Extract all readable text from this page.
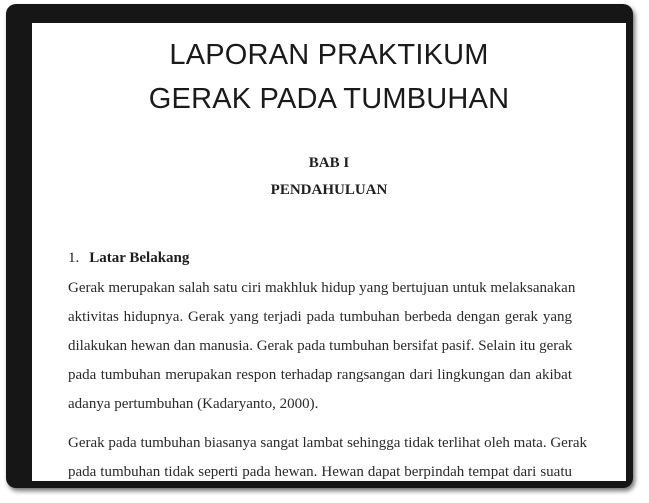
LAPORAN PRAKTIKUM
GERAK PADA TUMBUHAN
BAB I
PENDAHULUAN
1. Latar Belakang
Gerak merupakan salah satu ciri makhluk hidup yang bertujuan untuk melaksanakan
aktivitas hidupnya. Gerak yang terjadi pada tumbuhan berbeda dengan gerak yang
dilakukan hewan dan manusia. Gerak pada tumbuhan bersifat pasif. Selain itu gerak
pada tumbuhan merupakan respon terhadap rangsangan dari lingkungan dan akibat
adanya pertumbuhan (Kadaryanto, 2000).
Gerak pada tumbuhan biasanya sangat lambat sehingga tidak terlihat oleh mata. Gerak
pada tumbuhan tidak seperti pada hewan. Hewan dapat berpindah tempat dari suatu
